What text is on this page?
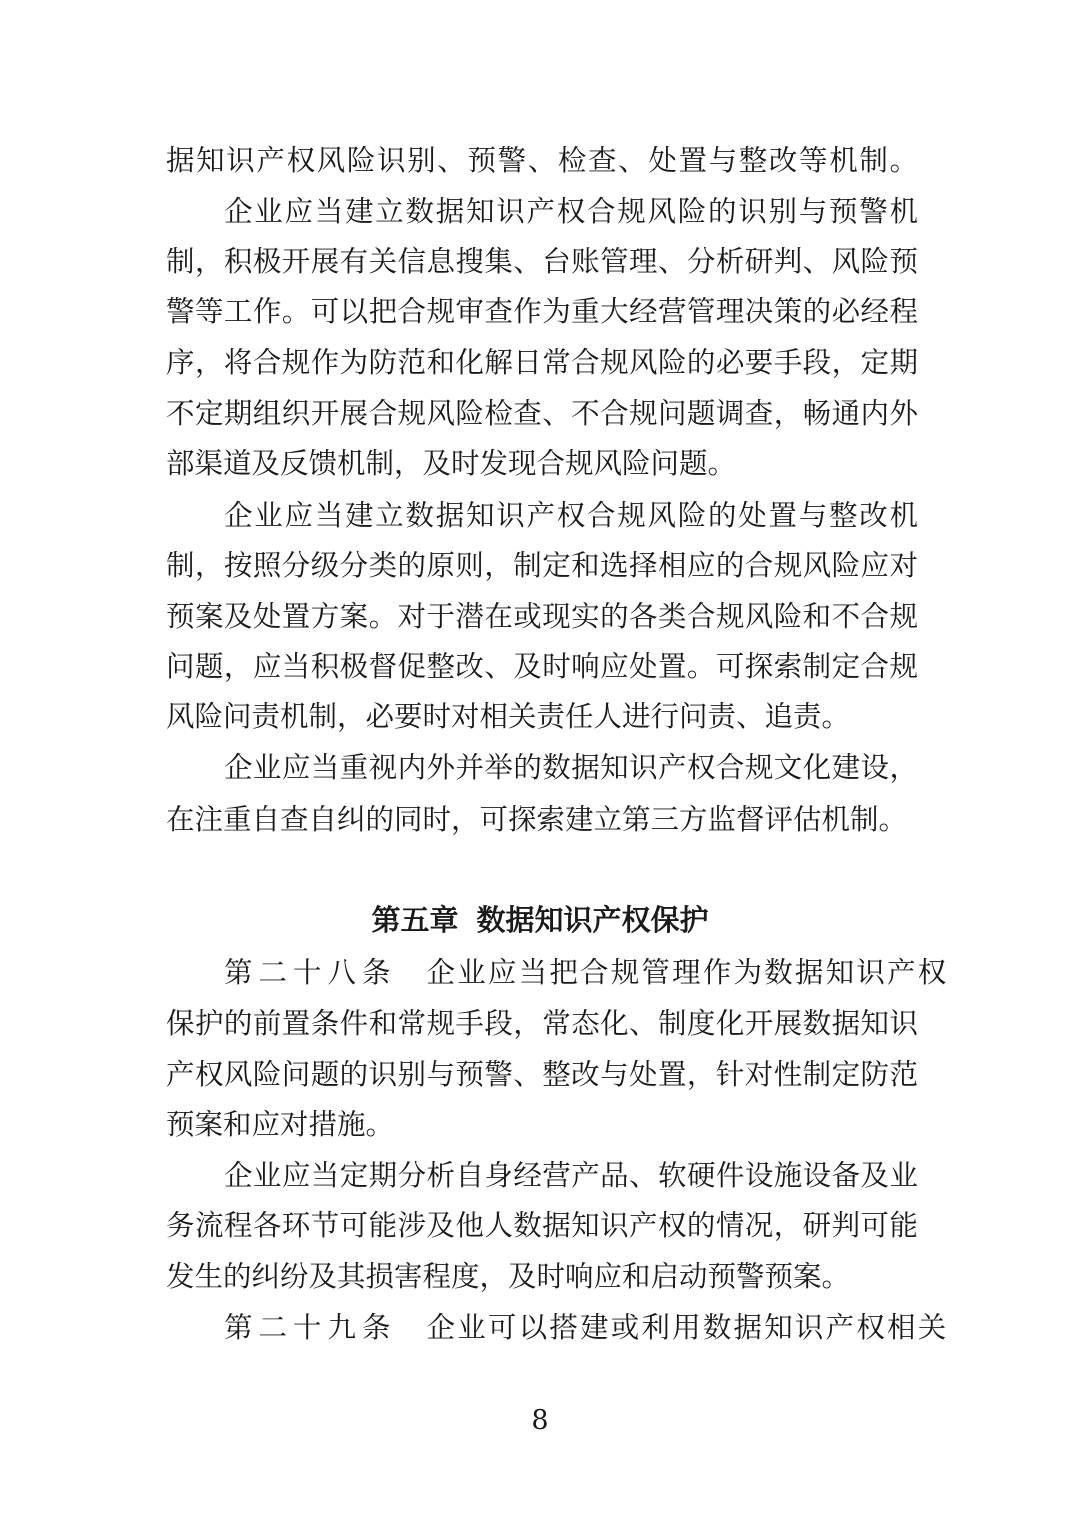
据知识产权风险识别、预警、检查、处置与整改等机制。
企业应当建立数据知识产权合规风险的识别与预警机
制，积极开展有关信息搜集、台账管理、分析研判、风险预
警等工作。可以把合规审查作为重大经营管理决策的必经程
序，将合规作为防范和化解日常合规风险的必要手段，定期
不定期组织开展合规风险检查、不合规问题调查，畅通内外
部渠道及反馈机制，及时发现合规风险问题。
企业应当建立数据知识产权合规风险的处置与整改机
制，按照分级分类的原则，制定和选择相应的合规风险应对
预案及处置方案。对于潜在或现实的各类合规风险和不合规
问题，应当积极督促整改、及时响应处置。可探索制定合规
风险问责机制，必要时对相关责任人进行问责、追责。
企业应当重视内外并举的数据知识产权合规文化建设，
在注重自查自纠的同时，可探索建立第三方监督评估机制。
第五章 数据知识产权保护
第二十八条 企业应当把合规管理作为数据知识产权
保护的前置条件和常规手段，常态化、制度化开展数据知识
产权风险问题的识别与预警、整改与处置，针对性制定防范
预案和应对措施。
企业应当定期分析自身经营产品、软硬件设施设备及业
务流程各环节可能涉及他人数据知识产权的情况，研判可能
发生的纠纷及其损害程度，及时响应和启动预警预案。
第二十九条 企业可以搭建或利用数据知识产权相关
8
